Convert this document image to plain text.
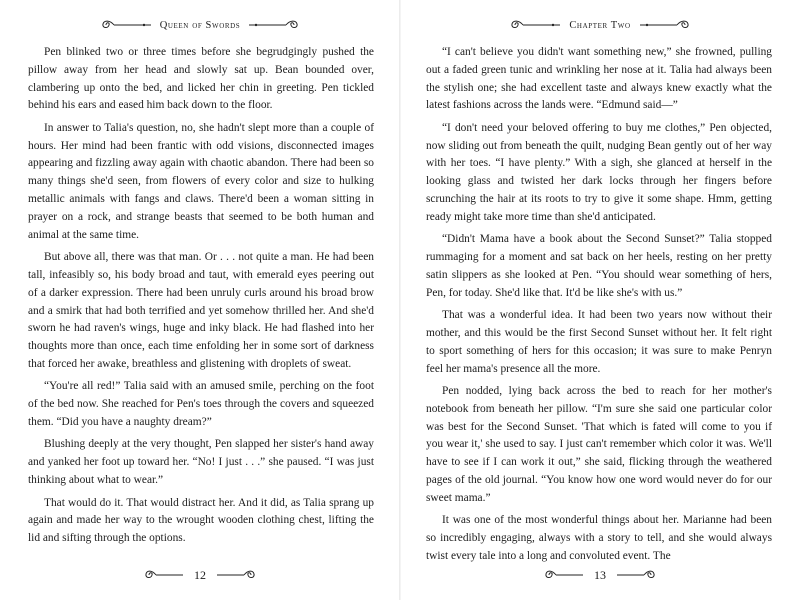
Queen of Swords

Pen blinked two or three times before she begrudgingly pushed the pillow away from her head and slowly sat up. Bean bounded over, clambering up onto the bed, and licked her chin in greeting. Pen tickled behind his ears and eased him back down to the floor.

In answer to Talia's question, no, she hadn't slept more than a couple of hours. Her mind had been frantic with odd visions, disconnected images appearing and fizzling away again with chaotic abandon. There had been so many things she'd seen, from flowers of every color and size to hulking metallic animals with fangs and claws. There'd been a woman sitting in prayer on a rock, and strange beasts that seemed to be both human and animal at the same time.

But above all, there was that man. Or . . . not quite a man. He had been tall, infeasibly so, his body broad and taut, with emerald eyes peering out of a darker expression. There had been unruly curls around his broad brow and a smirk that had both terrified and yet somehow thrilled her. And she'd sworn he had raven's wings, huge and inky black. He had flashed into her thoughts more than once, each time enfolding her in some sort of darkness that forced her awake, breathless and glistening with droplets of sweat.

“You're all red!” Talia said with an amused smile, perching on the foot of the bed now. She reached for Pen's toes through the covers and squeezed them. “Did you have a naughty dream?”

Blushing deeply at the very thought, Pen slapped her sister's hand away and yanked her foot up toward her. “No! I just . . .” she paused. “I was just thinking about what to wear.”

That would do it. That would distract her. And it did, as Talia sprang up again and made her way to the wrought wooden clothing chest, lifting the lid and sifting through the options.

12
Chapter Two

“I can't believe you didn't want something new,” she frowned, pulling out a faded green tunic and wrinkling her nose at it. Talia had always been the stylish one; she had excellent taste and always knew exactly what the latest fashions across the lands were. “Edmund said—”

“I don't need your beloved offering to buy me clothes,” Pen objected, now sliding out from beneath the quilt, nudging Bean gently out of her way with her toes. “I have plenty.” With a sigh, she glanced at herself in the looking glass and twisted her dark locks through her fingers before scrunching the hair at its roots to try to give it some shape. Hmm, getting ready might take more time than she'd anticipated.

“Didn't Mama have a book about the Second Sunset?” Talia stopped rummaging for a moment and sat back on her heels, resting on her pretty satin slippers as she looked at Pen. “You should wear something of hers, Pen, for today. She'd like that. It'd be like she's with us.”

That was a wonderful idea. It had been two years now without their mother, and this would be the first Second Sunset without her. It felt right to sport something of hers for this occasion; it was sure to make Penryn feel her mama's presence all the more.

Pen nodded, lying back across the bed to reach for her mother's notebook from beneath her pillow. “I'm sure she said one particular color was best for the Second Sunset. 'That which is fated will come to you if you wear it,' she used to say. I just can't remember which color it was. We'll have to see if I can work it out,” she said, flicking through the weathered pages of the old journal. “You know how one word would never do for our sweet mama.”

It was one of the most wonderful things about her. Marianne had been so incredibly engaging, always with a story to tell, and she would always twist every tale into a long and convoluted event. The

13
